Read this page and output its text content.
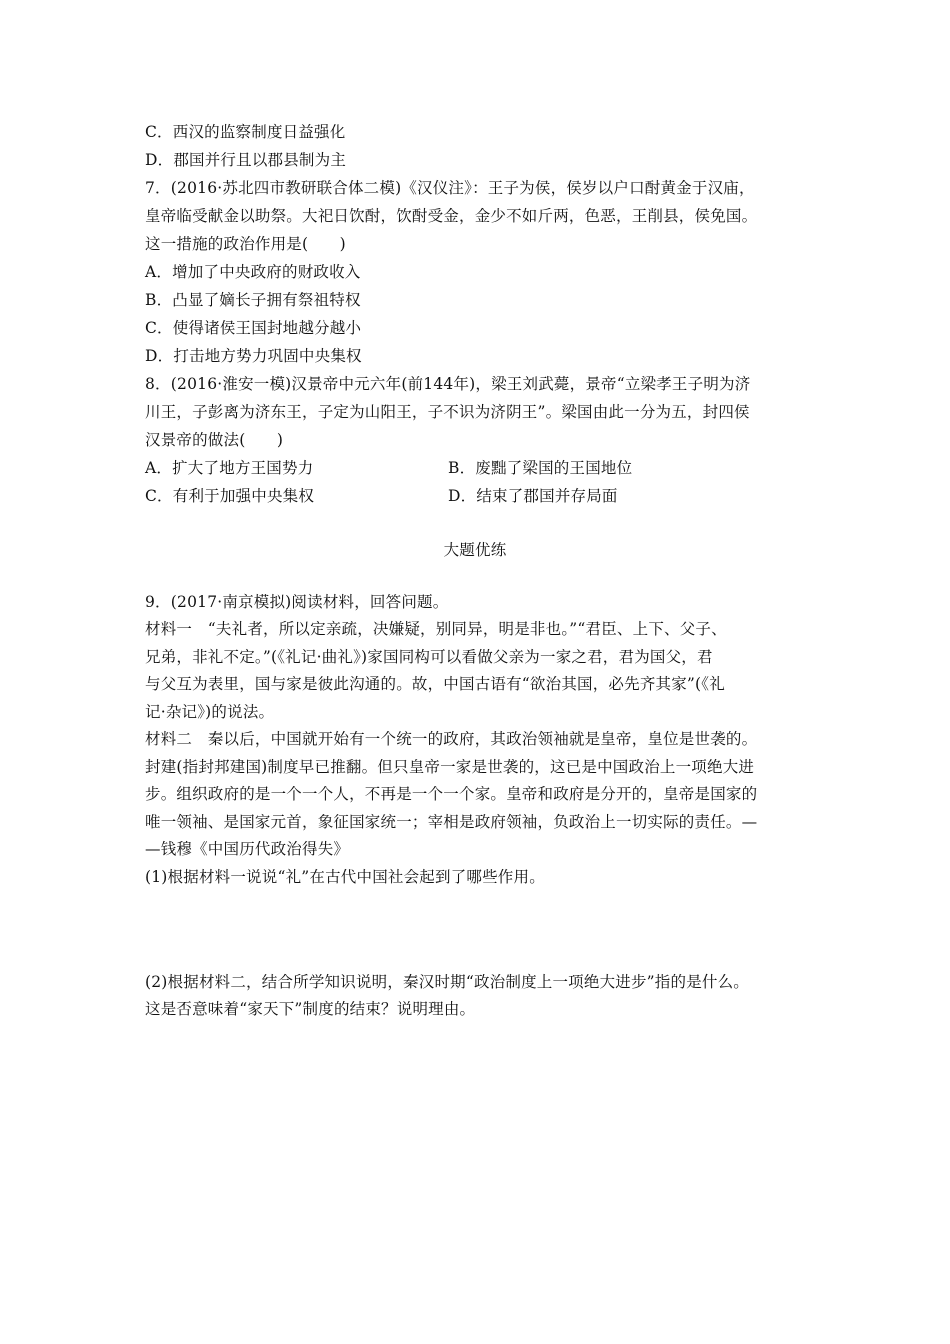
C．西汉的监察制度日益强化
D．郡国并行且以郡县制为主
7．(2016·苏北四市教研联合体二模)《汉仪注》：王子为侯，侯岁以户口酎黄金于汉庙，
皇帝临受献金以助祭。大祀日饮酎，饮酎受金，金少不如斤两，色恶，王削县，侯免国。
这一措施的政治作用是(　　)
A．增加了中央政府的财政收入
B．凸显了嫡长子拥有祭祖特权
C．使得诸侯王国封地越分越小
D．打击地方势力巩固中央集权
8．(2016·淮安一模)汉景帝中元六年(前144年)，梁王刘武薨，景帝“立梁孝王子明为济
川王，子彭离为济东王，子定为山阳王，子不识为济阴王”。梁国由此一分为五，封四侯
汉景帝的做法(　　)
A．扩大了地方王国势力	B．废黜了梁国的王国地位
C．有利于加强中央集权	D．结束了郡国并存局面
大题优练
9．(2017·南京模拟)阅读材料，回答问题。
材料一　“夫礼者，所以定亲疏，决嫌疑，别同异，明是非也。”“君臣、上下、父子、
兄弟，非礼不定。”(《礼记·曲礼》)家国同构可以看做父亲为一家之君，君为国父，君
与父互为表里，国与家是彼此沟通的。故，中国古语有“欲治其国，必先齐其家”(《礼
记·杂记》)的说法。
材料二　秦以后，中国就开始有一个统一的政府，其政治领袖就是皇帝，皇位是世袭的。
封建(指封邦建国)制度早已推翻。但只皇帝一家是世袭的，这已是中国政治上一项绝大进
步。组织政府的是一个一个人，不再是一个一个家。皇帝和政府是分开的，皇帝是国家的
唯一领袖、是国家元首，象征国家统一；宰相是政府领袖，负政治上一切实际的责任。—
—钱穆《中国历代政治得失》
(1)根据材料一说说“礼”在古代中国社会起到了哪些作用。
(2)根据材料二，结合所学知识说明，秦汉时期“政治制度上一项绝大进步”指的是什么。
这是否意味着“家天下”制度的结束？说明理由。
